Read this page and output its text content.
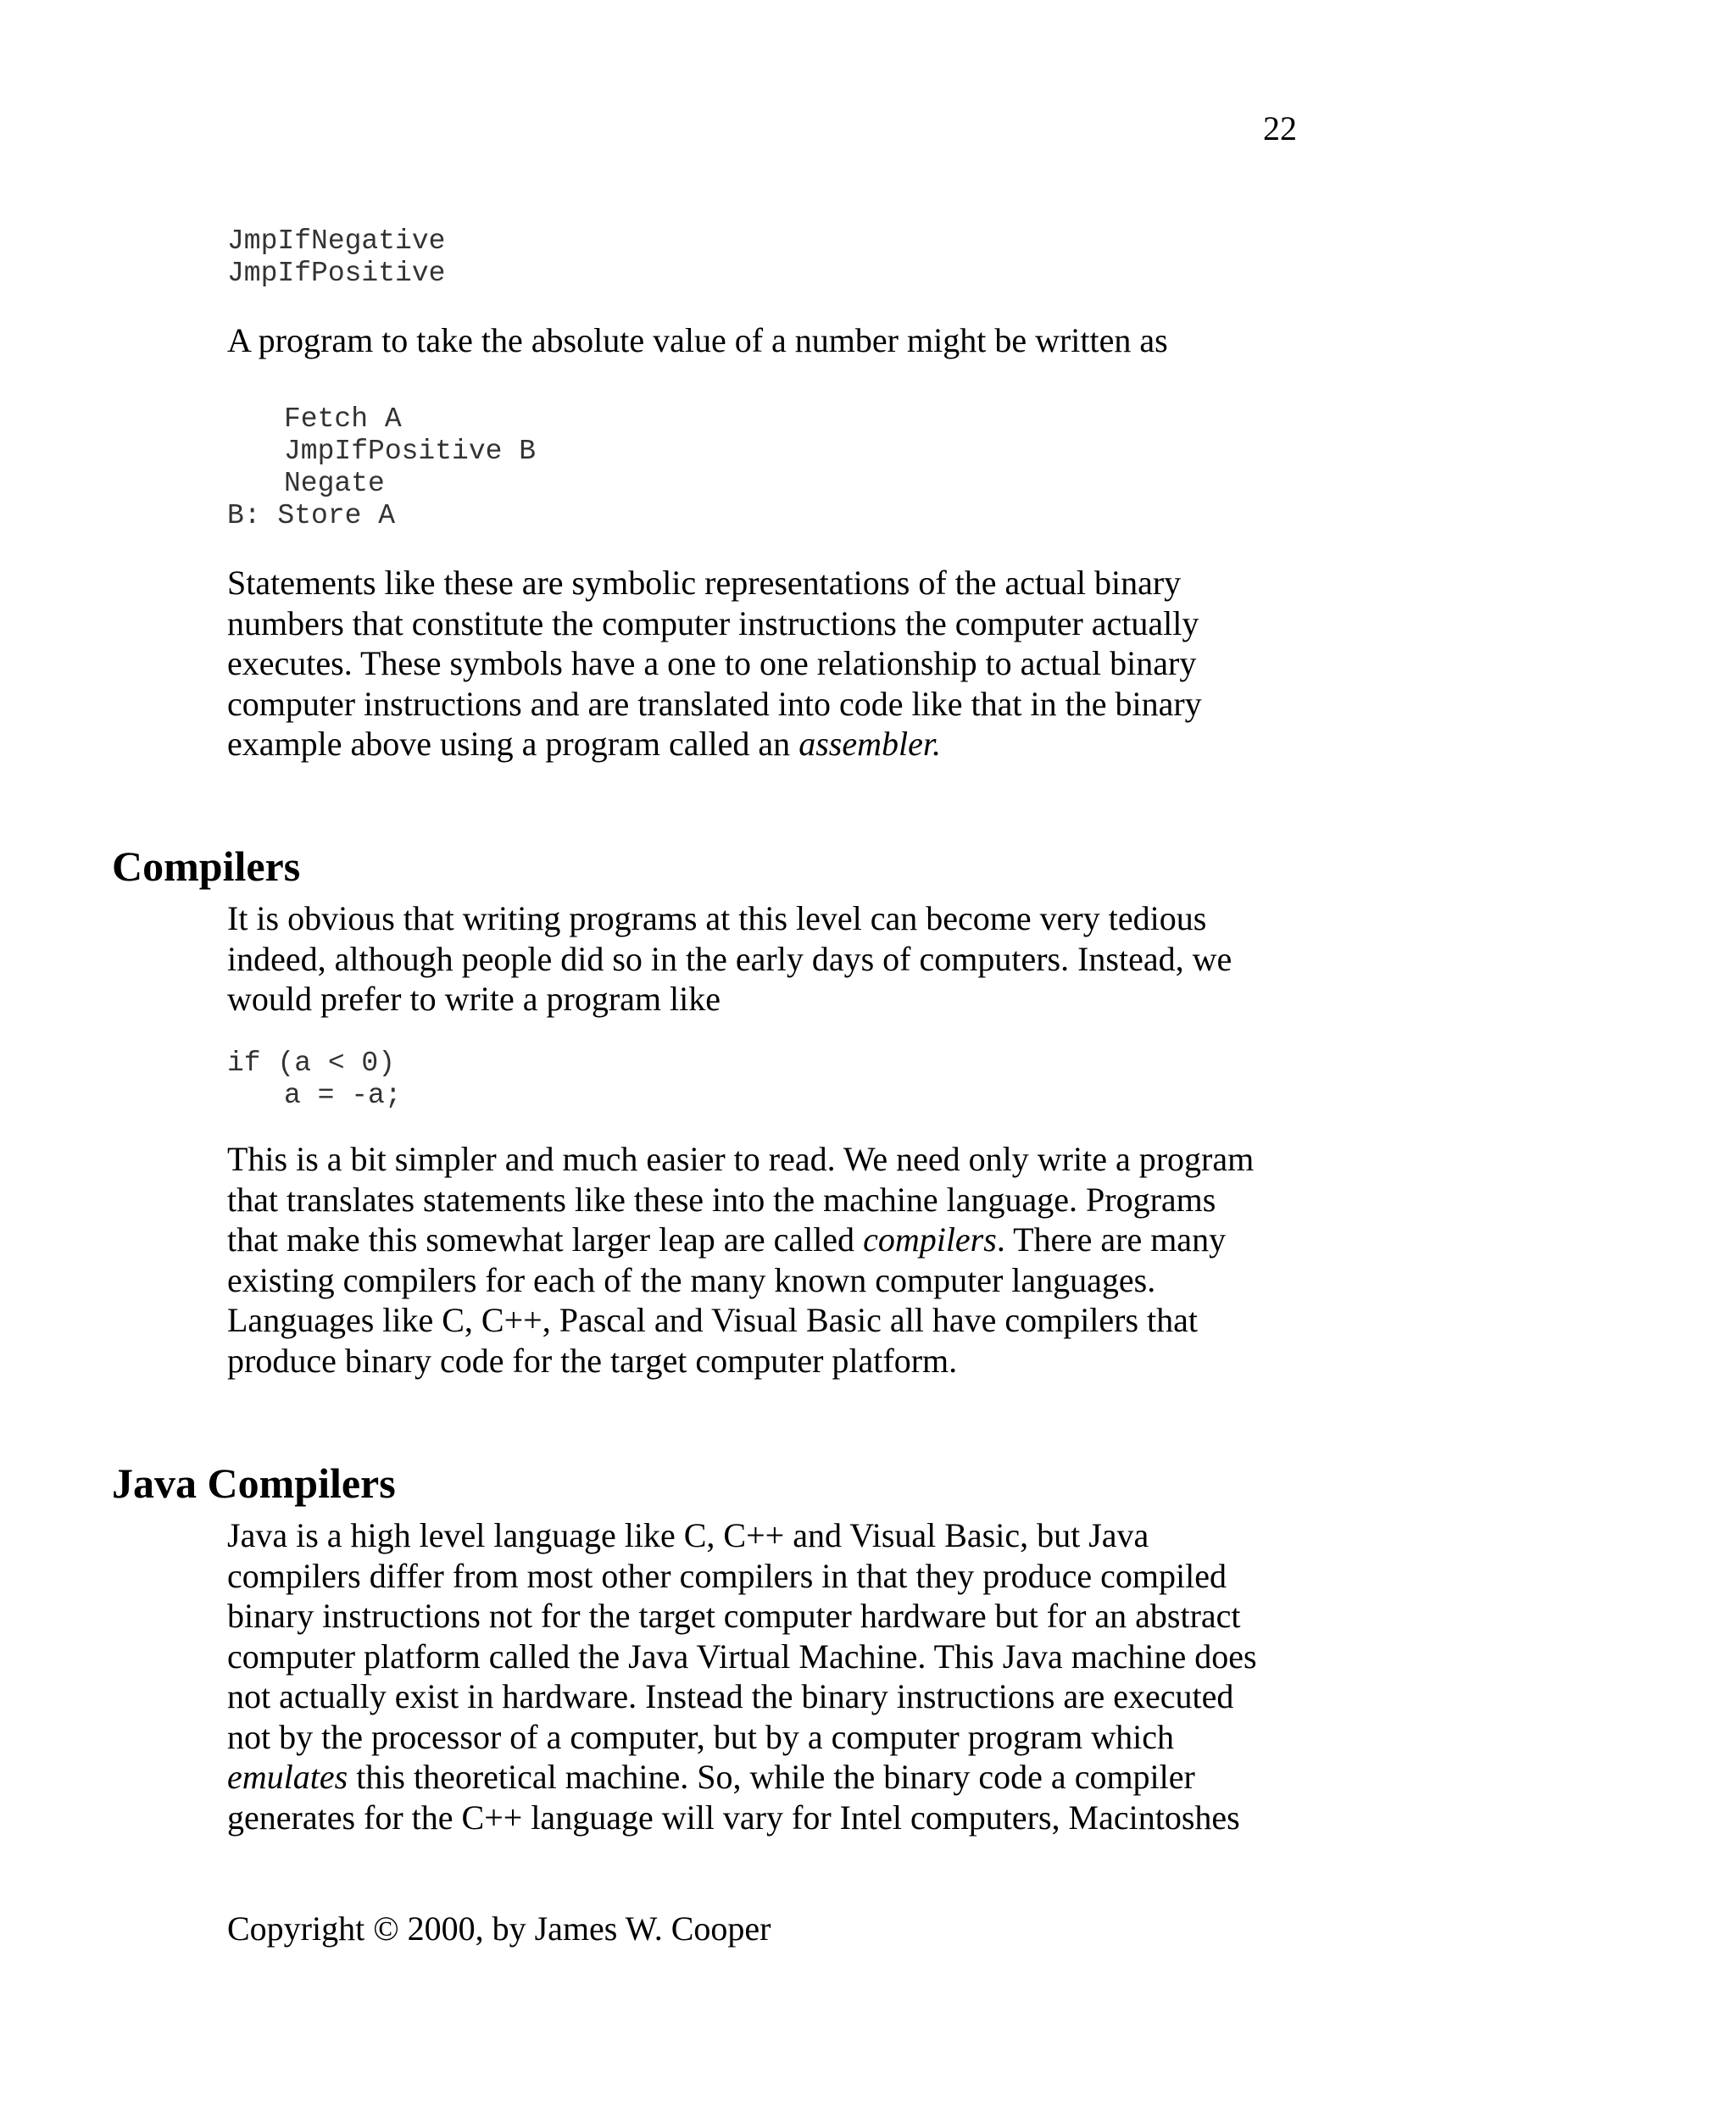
22
JmpIfNegative
JmpIfPositive

A program to take the absolute value of a number might be written as

Fetch A
JmpIfPositive B
Negate
B: Store A

Statements like these are symbolic representations of the actual binary
numbers that constitute the computer instructions the computer actually
executes. These symbols have a one to one relationship to actual binary
computer instructions and are translated into code like that in the binary
example above using a program called an assembler.

Compilers

It is obvious that writing programs at this level can become very tedious
indeed, although people did so in the early days of computers. Instead, we
would prefer to write a program like

if (a < 0)
a = -a;

This is a bit simpler and much easier to read. We need only write a program
that translates statements like these into the machine language. Programs
that make this somewhat larger leap are called compilers. There are many
existing compilers for each of the many known computer languages.
Languages like C, C++, Pascal and Visual Basic all have compilers that
produce binary code for the target computer platform.

Java Compilers

Java is a high level language like C, C++ and Visual Basic, but Java
compilers differ from most other compilers in that they produce compiled
binary instructions not for the target computer hardware but for an abstract
computer platform called the Java Virtual Machine. This Java machine does
not actually exist in hardware. Instead the binary instructions are executed
not by the processor of a computer, but by a computer program which
emulates this theoretical machine. So, while the binary code a compiler
generates for the C++ language will vary for Intel computers, Macintoshes

Copyright © 2000, by James W. Cooper
